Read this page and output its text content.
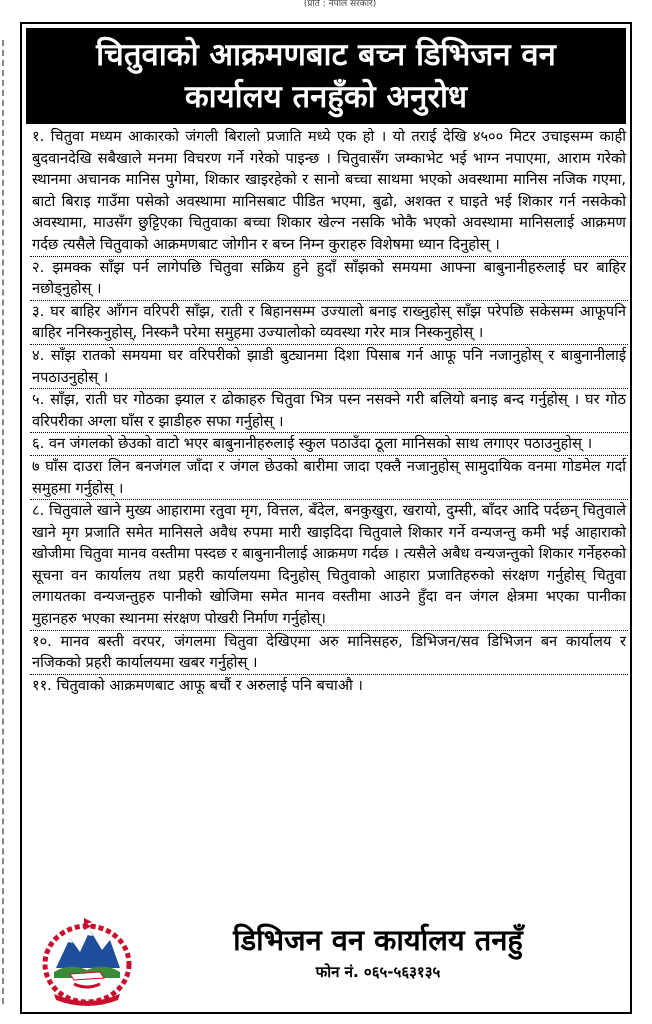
(प्रति : नेपाल सरकार)
चितुवाको आक्रमणबाट बच्न डिभिजन वन
कार्यालय तनहुँको अनुरोध

१. चितुवा मध्यम आकारको जंगली बिरालो प्रजाति मध्ये एक हो । यो तराई देखि ४५०० मिटर उचाइसम्म काही बुदवानदेखि सबैखाले मनमा विचरण गर्ने गरेको पाइन्छ । चितुवासँग जम्काभेट भई भाग्न नपाएमा, आराम गरेको स्थानमा अचानक मानिस पुगेमा, शिकार खाइरहेको र सानो बच्चा साथमा भएको अवस्थामा मानिस नजिक गएमा, बाटो बिराइ गाउँमा पसेको अवस्थामा मानिसबाट पीडित भएमा, बुढो, अशक्त र घाइते भई शिकार गर्न नसकेको अवस्थामा, माउसँग छुट्टिएका चितुवाका बच्चा शिकार खेल्न नसकि भोकै भएको अवस्थामा मानिसलाई आक्रमण गर्दछ त्यसैले चितुवाको आक्रमणबाट जोगीन र बच्न निम्न कुराहरु विशेषमा ध्यान दिनुहोस् ।

२. झमक्क साँझ पर्न लागेपछि चितुवा सक्रिय हुने हुदाँ साँझको समयमा आफ्ना बाबुनानीहरुलाई घर बाहिर नछोड्नुहोस् ।

३. घर बाहिर आँगन वरिपरी साँझ, राती र बिहानसम्म उज्यालो बनाइ राख्नुहोस् साँझ परेपछि सकेसम्म आफूपनि बाहिर ननिस्कनुहोस्, निस्कनै परेमा समुहमा उज्यालोको व्यवस्था गरेर मात्र निस्कनुहोस् ।

४. साँझ रातको समयमा घर वरिपरीको झाडी बुट्यानमा दिशा पिसाब गर्न आफू पनि नजानुहोस् र बाबुनानीलाई नपठाउनुहोस् ।

५. साँझ, राती घर गोठका झ्याल र ढोकाहरु चितुवा भित्र पस्न नसक्ने गरी बलियो बनाइ बन्द गर्नुहोस् । घर गोठ वरिपरीका अग्ला घाँस र झाडीहरु सफा गर्नुहोस् ।

६. वन जंगलको छेउको वाटो भएर बाबुनानीहरुलाई स्कुल पठाउँदा ठूला मानिसको साथ लगाएर पठाउनुहोस् ।

७ घाँस दाउरा लिन बनजंगल जाँदा र जंगल छेउको बारीमा जादा एक्लै नजानुहोस् सामुदायिक वनमा गोडमेल गर्दा समुहमा गर्नुहोस् ।

८. चितुवाले खाने मुख्य आहारामा रतुवा मृग, वित्तल, बँदेल, बनकुखुरा, खरायो, दुम्सी, बाँदर आदि पर्दछन् चितुवाले खाने मृग प्रजाति समेत मानिसले अवैध रुपमा मारी खाइदिदा चितुवाले शिकार गर्ने वन्यजन्तु कमी भई आहाराको खोजीमा चितुवा मानव वस्तीमा पस्दछ र बाबुनानीलाई आक्रमण गर्दछ । त्यसैले अबैध वन्यजन्तुको शिकार गर्नेहरुको सूचना वन कार्यालय तथा प्रहरी कार्यालयमा दिनुहोस् चितुवाको आहारा प्रजातिहरुको संरक्षण गर्नुहोस् चितुवा लगायतका वन्यजन्तुहरु पानीको खोजिमा समेत मानव वस्तीमा आउने हुँदा वन जंगल क्षेत्रमा भएका पानीका मुहानहरु भएका स्थानमा संरक्षण पोखरी निर्माण गर्नुहोस्।

१०. मानव बस्ती वरपर, जंगलमा चितुवा देखिएमा अरु मानिसहरु, डिभिजन/सव डिभिजन बन कार्यालय र नजिकको प्रहरी कार्यालयमा खबर गर्नुहोस् ।

११. चितुवाको आक्रमणबाट आफू बचौं र अरुलाई पनि बचाऔ ।

डिभिजन वन कार्यालय तनहुँ
फोन नं. ०६५-५६३१३५
